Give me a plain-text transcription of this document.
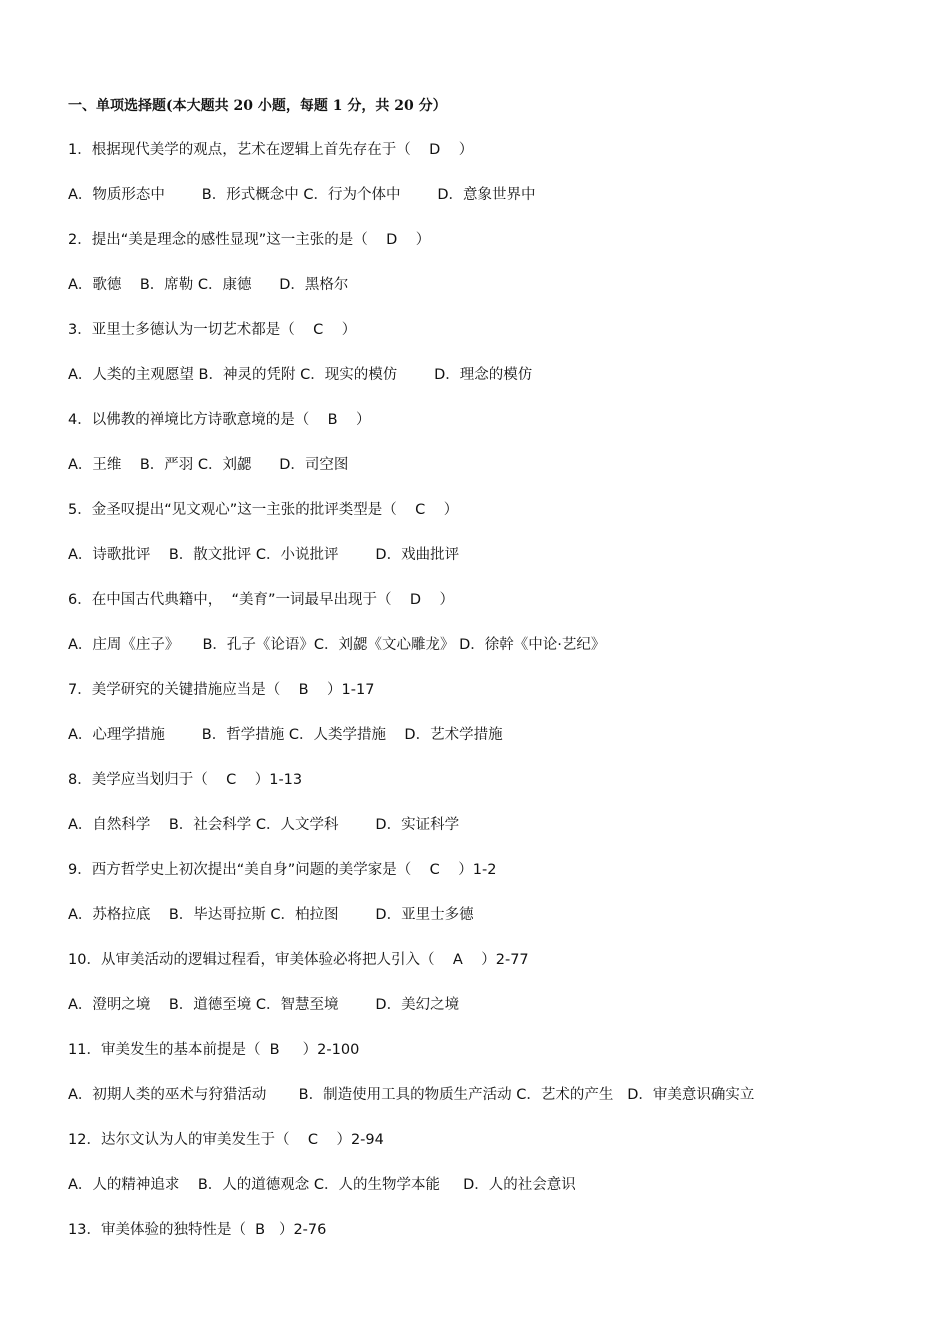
一、单项选择题(本大题共 20 小题，每题 1 分，共 20 分）
1．根据现代美学的观点，艺术在逻辑上首先存在于（    D    ）
A．物质形态中        B．形式概念中 C．行为个体中        D．意象世界中
2．提出“美是理念的感性显现”这一主张的是（    D    ）
A．歌德    B．席勒 C．康德      D．黑格尔
3．亚里士多德认为一切艺术都是（    C    ）
A．人类的主观愿望 B．神灵的凭附 C．现实的模仿        D．理念的模仿
4．以佛教的禅境比方诗歌意境的是（    B    ）
A．王维    B．严羽 C．刘勰      D．司空图
5．金圣叹提出“见文观心”这一主张的批评类型是（    C    ）
A．诗歌批评    B．散文批评 C．小说批评        D．戏曲批评
6．在中国古代典籍中，  “美育”一词最早出现于（    D    ）
A．庄周《庄子》     B．孔子《论语》C．刘勰《文心雕龙》 D．徐幹《中论·艺纪》
7．美学研究的关键措施应当是（    B    ）1-17
A．心理学措施        B．哲学措施 C．人类学措施    D．艺术学措施
8．美学应当划归于（    C    ）1-13
A．自然科学    B．社会科学 C．人文学科        D．实证科学
9．西方哲学史上初次提出“美自身”问题的美学家是（    C    ）1-2
A．苏格拉底    B．毕达哥拉斯 C．柏拉图        D．亚里士多德
10．从审美活动的逻辑过程看，审美体验必将把人引入（    A    ）2-77
A．澄明之境    B．道德至境 C．智慧至境        D．美幻之境
11．审美发生的基本前提是（  B     ）2-100
A．初期人类的巫术与狩猎活动       B．制造使用工具的物质生产活动 C．艺术的产生   D．审美意识确实立
12．达尔文认为人的审美发生于（    C    ）2-94
A．人的精神追求    B．人的道德观念 C．人的生物学本能     D．人的社会意识
13．审美体验的独特性是（  B   ）2-76
